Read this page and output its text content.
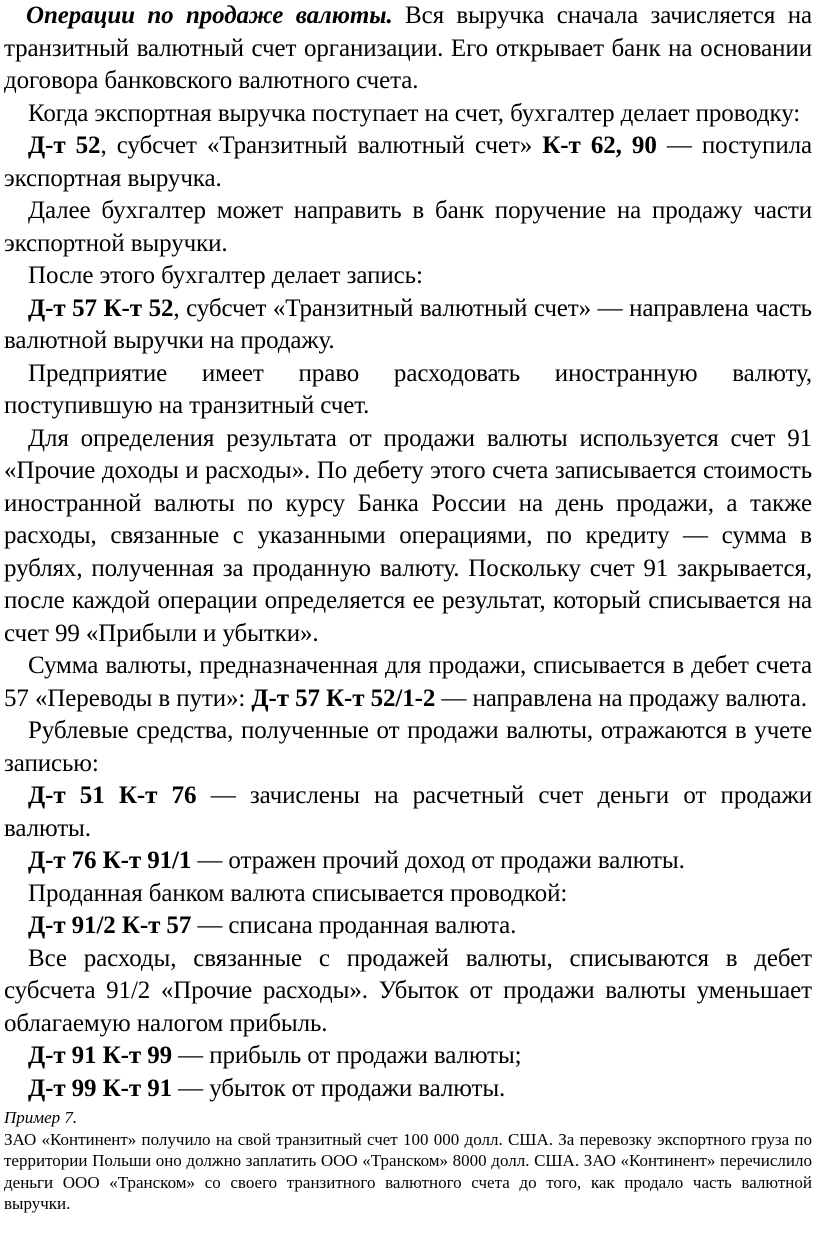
Операции по продаже валюты. Вся выручка сначала зачисляется на транзитный валютный счет организации. Его открывает банк на основании договора банковского валютного счета.

Когда экспортная выручка поступает на счет, бухгалтер делает проводку:

Д-т 52, субсчет «Транзитный валютный счет» К-т 62, 90 — поступила экспортная выручка.

Далее бухгалтер может направить в банк поручение на продажу части экспортной выручки.

После этого бухгалтер делает запись:

Д-т 57 К-т 52, субсчет «Транзитный валютный счет» — направлена часть валютной выручки на продажу.

Предприятие имеет право расходовать иностранную валюту, поступившую на транзитный счет.

Для определения результата от продажи валюты используется счет 91 «Прочие доходы и расходы». По дебету этого счета записывается стоимость иностранной валюты по курсу Банка России на день продажи, а также расходы, связанные с указанными операциями, по кредиту — сумма в рублях, полученная за проданную валюту. Поскольку счет 91 закрывается, после каждой операции определяется ее результат, который списывается на счет 99 «Прибыли и убытки».

Сумма валюты, предназначенная для продажи, списывается в дебет счета 57 «Переводы в пути»: Д-т 57 К-т 52/1-2 — направлена на продажу валюта.

Рублевые средства, полученные от продажи валюты, отражаются в учете записью:

Д-т 51 К-т 76 — зачислены на расчетный счет деньги от продажи валюты.

Д-т 76 К-т 91/1 — отражен прочий доход от продажи валюты.

Проданная банком валюта списывается проводкой:

Д-т 91/2 К-т 57 — списана проданная валюта.

Все расходы, связанные с продажей валюты, списываются в дебет субсчета 91/2 «Прочие расходы». Убыток от продажи валюты уменьшает облагаемую налогом прибыль.

Д-т 91 К-т 99 — прибыль от продажи валюты;

Д-т 99 К-т 91 — убыток от продажи валюты.

Пример 7.

ЗАО «Континент» получило на свой транзитный счет 100 000 долл. США. За перевозку экспортного груза по территории Польши оно должно заплатить ООО «Транском» 8000 долл. США. ЗАО «Континент» перечислило деньги ООО «Транском» со своего транзитного валютного счета до того, как продало часть валютной выручки.
